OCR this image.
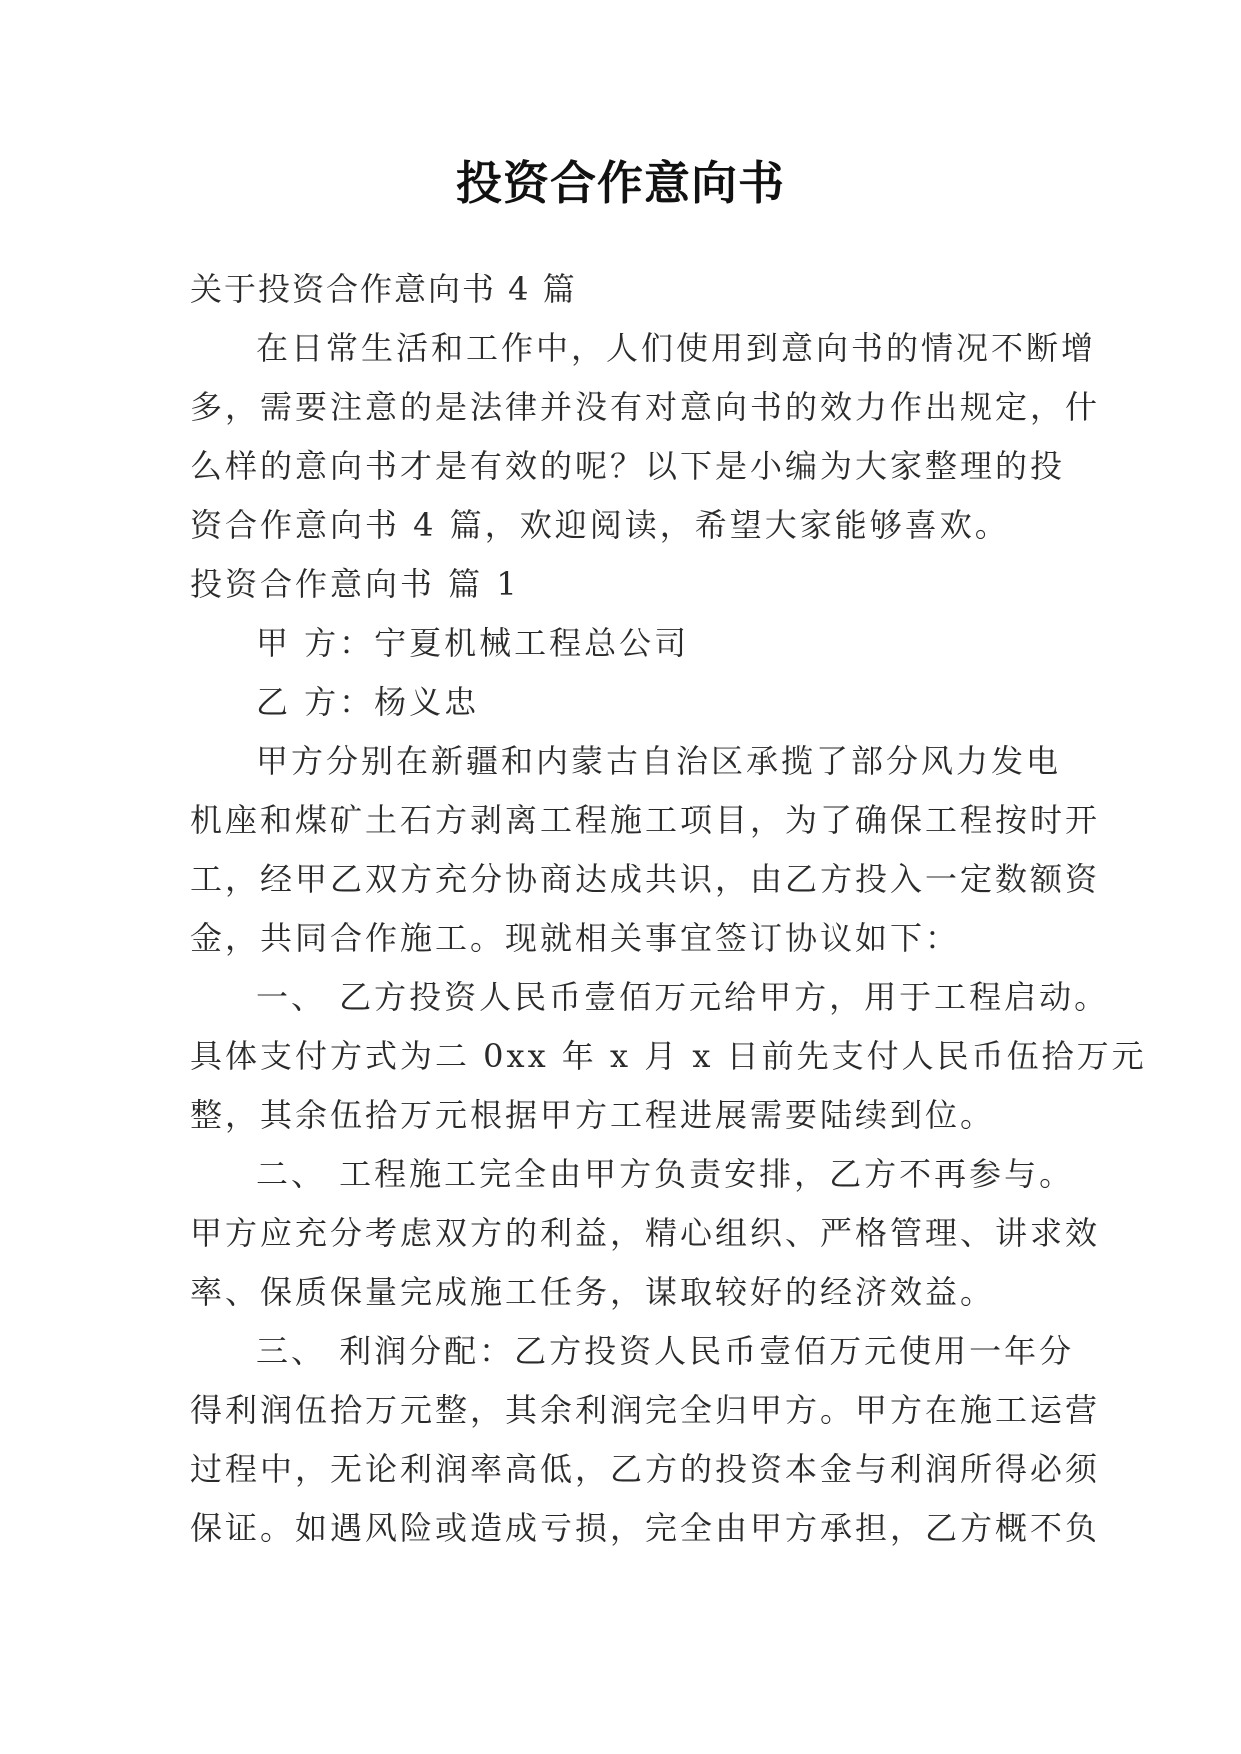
投资合作意向书

关于投资合作意向书 4 篇

在日常生活和工作中，人们使用到意向书的情况不断增

多，需要注意的是法律并没有对意向书的效力作出规定，什

么样的意向书才是有效的呢？以下是小编为大家整理的投

资合作意向书 4 篇，欢迎阅读，希望大家能够喜欢。

投资合作意向书 篇 1

甲 方：宁夏机械工程总公司

乙 方：杨义忠

甲方分别在新疆和内蒙古自治区承揽了部分风力发电

机座和煤矿土石方剥离工程施工项目，为了确保工程按时开

工，经甲乙双方充分协商达成共识，由乙方投入一定数额资

金，共同合作施工。现就相关事宜签订协议如下：

一、 乙方投资人民币壹佰万元给甲方，用于工程启动。

具体支付方式为二 0xx 年 x 月 x 日前先支付人民币伍拾万元

整，其余伍拾万元根据甲方工程进展需要陆续到位。

二、 工程施工完全由甲方负责安排，乙方不再参与。

甲方应充分考虑双方的利益，精心组织、严格管理、讲求效

率、保质保量完成施工任务，谋取较好的经济效益。

三、 利润分配：乙方投资人民币壹佰万元使用一年分

得利润伍拾万元整，其余利润完全归甲方。甲方在施工运营

过程中，无论利润率高低，乙方的投资本金与利润所得必须

保证。如遇风险或造成亏损，完全由甲方承担，乙方概不负
